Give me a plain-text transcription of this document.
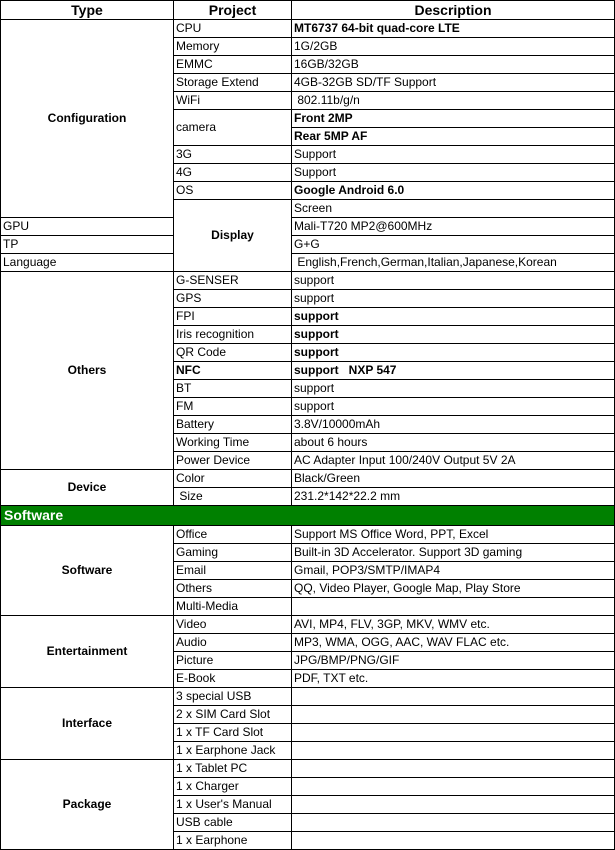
Type	Project	Description	
Configuration	CPU	MT6737 64-bit quad-core LTE	
	Memory	1G/2GB	
	EMMC	16GB/32GB	
	Storage Extend	4GB-32GB SD/TF Support	
	WiFi	802.11b/g/n	
	camera	Front 2MP	
		Rear 5MP AF	
	3G	Support	
	4G	Support	
	OS	Google Android 6.0	
	Display	Screen	
GPU		Mali-T720 MP2@600MHz	
TP		G+G	
Language		English,French,German,Italian,Japanese,Korean	
Others	G-SENSER	support	
	GPS	support	
	FPI	support	
	Iris recognition	support	
	QR Code	support	
	NFC	support   NXP 547	
	BT	support	
	FM	support	
	Battery	3.8V/10000mAh	
	Working Time	about 6 hours	
	Power Device	AC Adapter Input 100/240V Output 5V 2A	
Device	Color	Black/Green	
	Size	231.2*142*22.2 mm	
Software			
Software	Office	Support MS Office Word, PPT, Excel	
	Gaming	Built-in 3D Accelerator. Support 3D gaming	
	Email	Gmail, POP3/SMTP/IMAP4	
	Others	QQ, Video Player, Google Map, Play Store	
	Multi-Media		
Entertainment	Video	AVI, MP4, FLV, 3GP, MKV, WMV etc.	
	Audio	MP3, WMA, OGG, AAC, WAV FLAC etc.	
	Picture	JPG/BMP/PNG/GIF	
	E-Book	PDF, TXT etc.	
Interface	3 special USB		
	2 x SIM Card Slot		
	1 x TF Card Slot		
	1 x Earphone Jack		
Package	1 x Tablet PC		
	1 x Charger		
	1 x User's Manual		
	USB cable		
	1 x Earphone		
